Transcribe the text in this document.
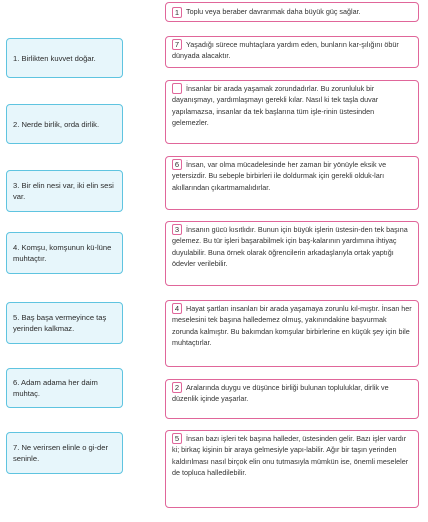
1. Birlikten kuvvet doğar.
2. Nerde birlik, orda dirlik.
3. Bir elin nesi var, iki elin sesi var.
4. Komşu, komşunun kü-lüne muhtaçtır.
5. Baş başa vermeyince taş yerinden kalkmaz.
6. Adam adama her daim muhtaç.
7. Ne verirsen elinle o gi-der seninle.
1 Toplu veya beraber davranmak daha büyük güç sağlar.
7 Yaşadığı sürece muhtaçlara yardım eden, bunların kar-şılığını öbür dünyada alacaktır.
İnsanlar bir arada yaşamak zorundadırlar. Bu zorunluluk bir dayanışmayı, yardımlaşmayı gerekli kılar. Nasıl ki tek taşla duvar yapılamazsa, insanlar da tek başlarına tüm işle-rinin üstesinden gelemezler.
6 İnsan, var olma mücadelesinde her zaman bir yönüyle eksik ve yetersizdir. Bu sebeple birbirleri ile doldurmak için gerekli olduk-ları akıllarından çıkartmamalıdırlar.
3 İnsanın gücü kısıtlıdır. Bunun için büyük işlerin üstesin-den tek başına gelemez. Bu tür işleri başarabilmek için baş-kalarının yardımına ihtiyaç duyulabilir. Buna örnek olarak öğrencilerin arkadaşlarıyla ortak yaptığı ödevler verilebilir.
4 Hayat şartları insanları bir arada yaşamaya zorunlu kıl-mıştır. İnsan her meselesini tek başına halledemez olmuş, yakınındakine başvurmak zorunda kalmıştır. Bu bakımdan komşular birbirlerine en küçük şey için bile muhtaçtırlar.
2 Aralarında duygu ve düşünce birliği bulunan topluluklar, dirlik ve düzenlik içinde yaşarlar.
5 İnsan bazı işleri tek başına halleder, üstesinden gelir. Bazı işler vardır ki; birkaç kişinin bir araya gelmesiyle yapı-labilir. Ağır bir taşın yerinden kaldırılması nasıl birçok elin onu tutmasıyla mümkün ise, önemli meseleler de topluca halledilebilir.
